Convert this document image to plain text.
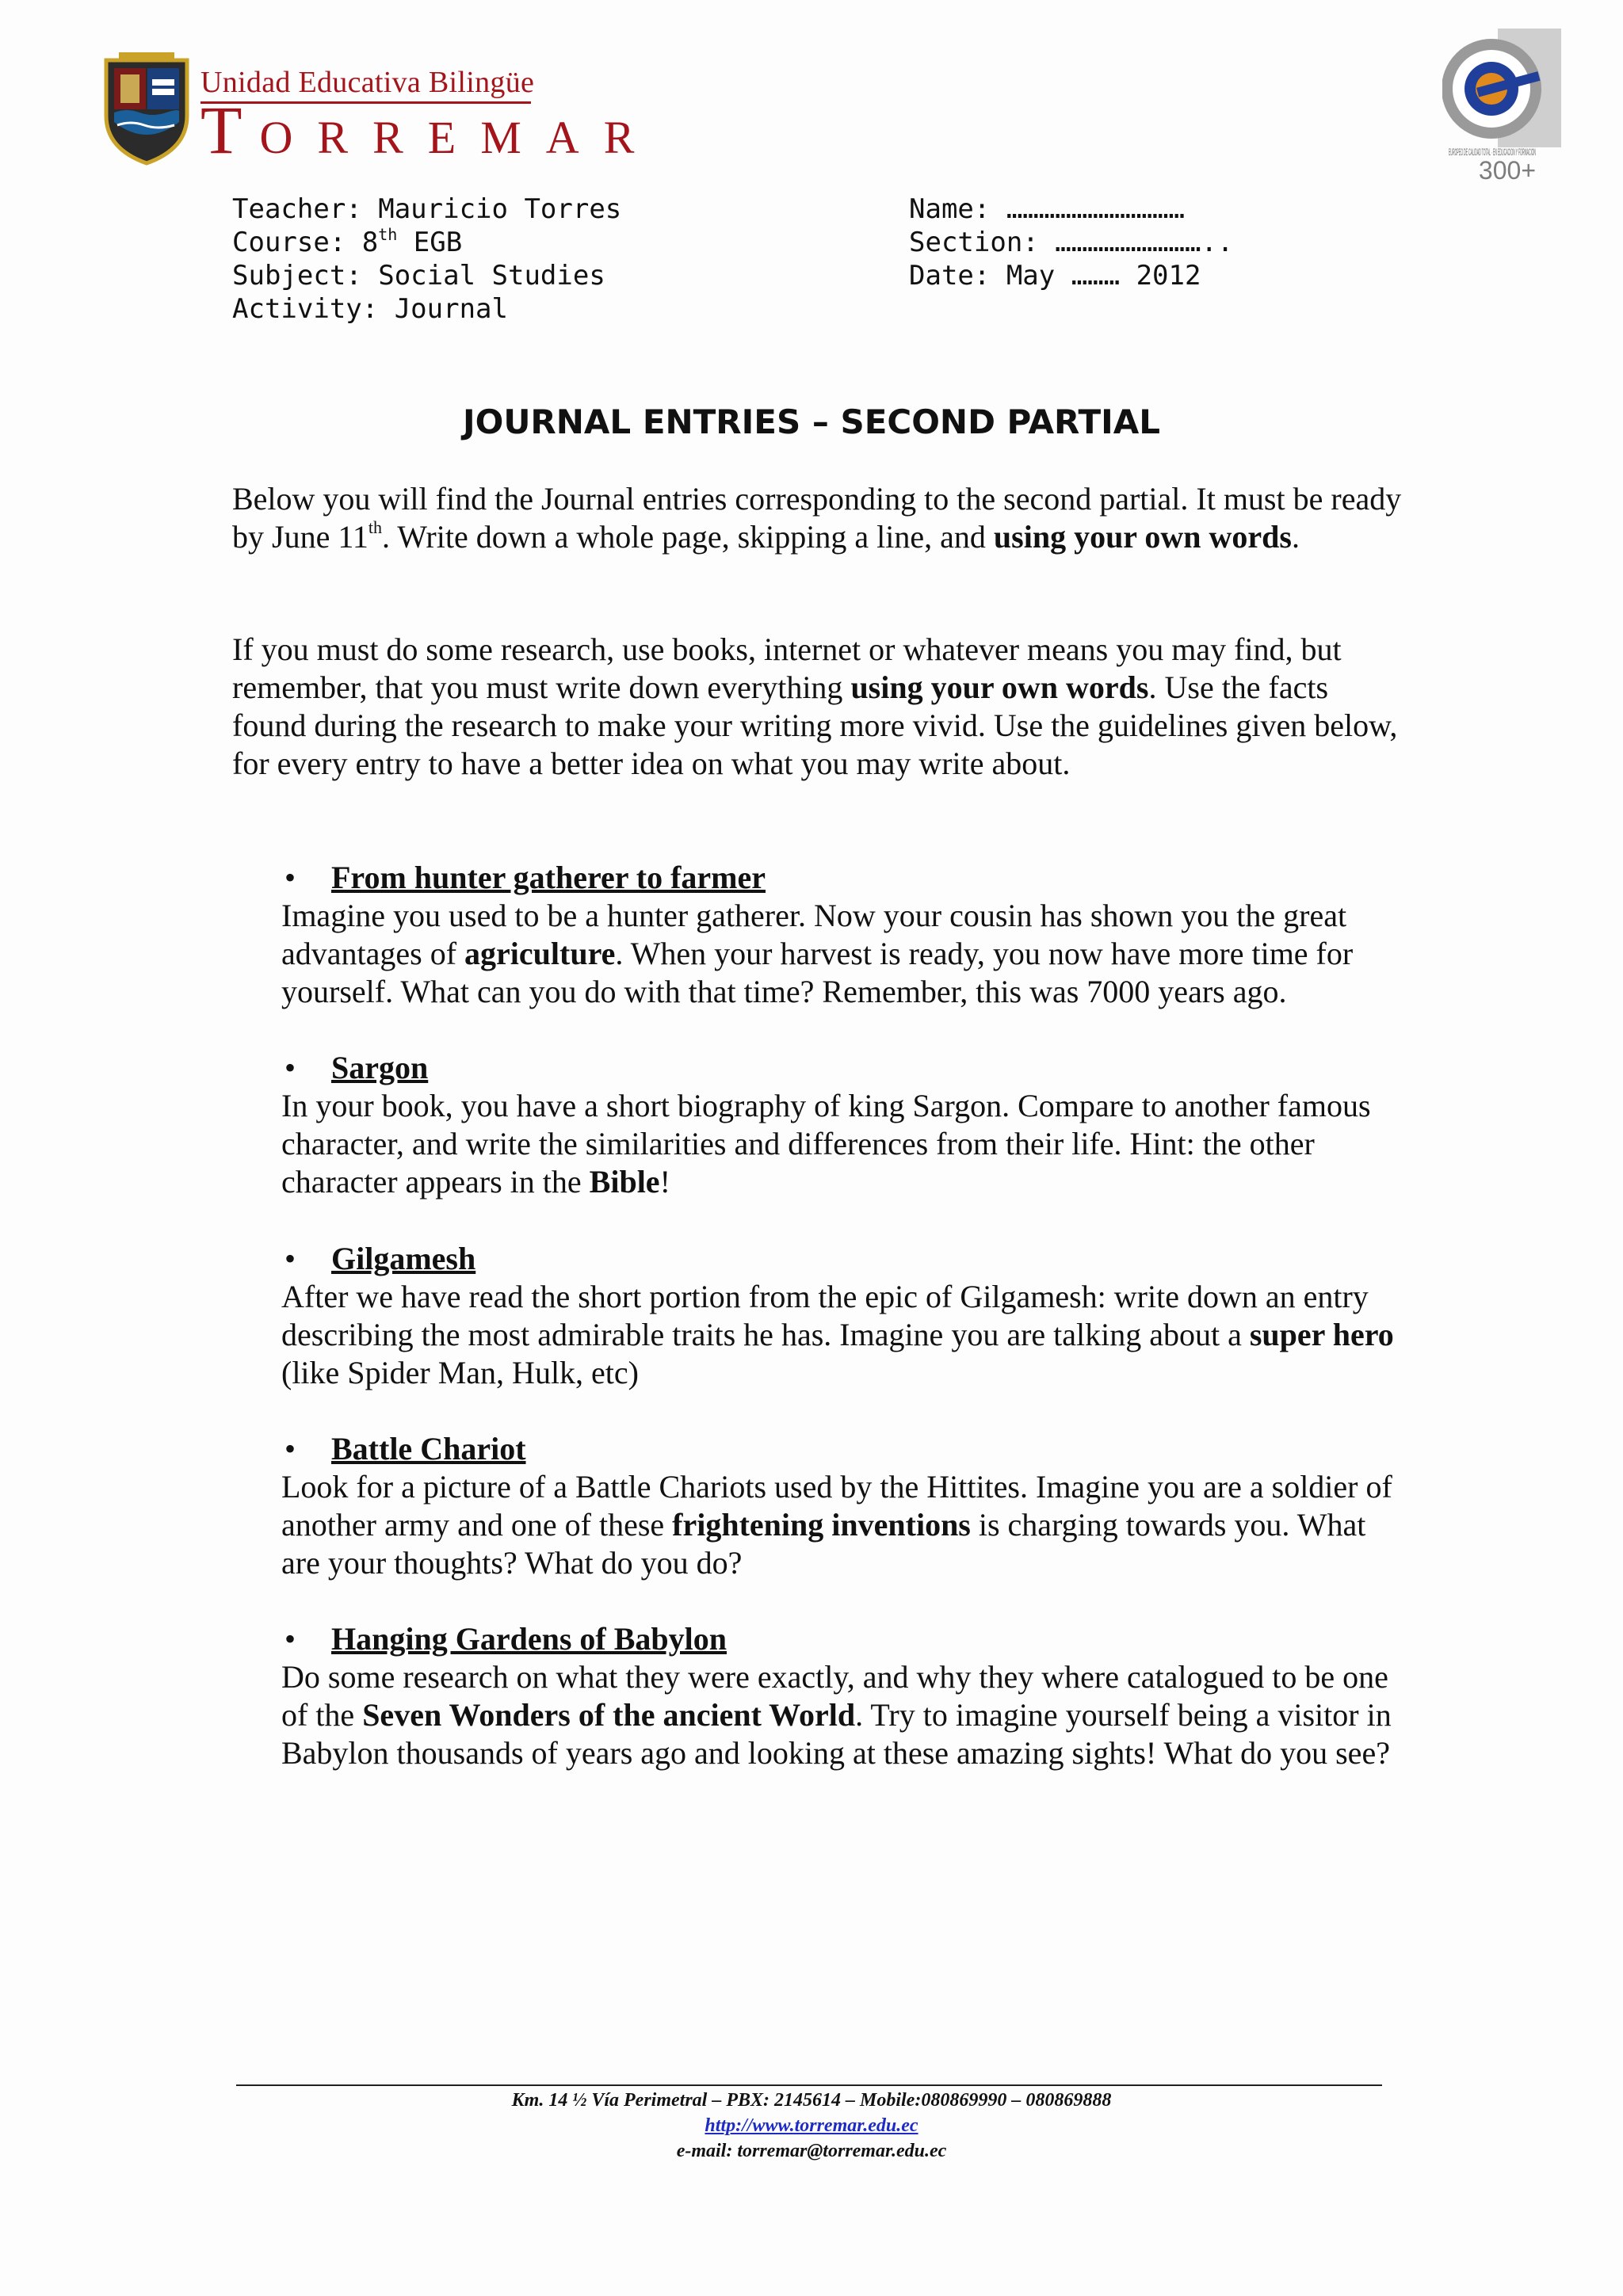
Unidad Educativa Bilingüe
TORREMAR	EUROPEO DE CALIDAD TOTAL · EN EDUCACION Y FORMACION
300+
Teacher: Mauricio Torres
Course: 8th EGB
Subject: Social Studies
Activity: Journal
Name: ……………………………
Section: ………………………..
Date: May ……… 2012
JOURNAL ENTRIES – SECOND PARTIAL
Below you will find the Journal entries corresponding to the second partial. It must be ready by June 11th. Write down a whole page, skipping a line, and using your own words.
If you must do some research, use books, internet or whatever means you may find, but remember, that you must write down everything using your own words. Use the facts found during the research to make your writing more vivid. Use the guidelines given below, for every entry to have a better idea on what you may write about.
• From hunter gatherer to farmer
Imagine you used to be a hunter gatherer. Now your cousin has shown you the great advantages of agriculture. When your harvest is ready, you now have more time for yourself. What can you do with that time? Remember, this was 7000 years ago.
• Sargon
In your book, you have a short biography of king Sargon. Compare to another famous character, and write the similarities and differences from their life. Hint: the other character appears in the Bible!
• Gilgamesh
After we have read the short portion from the epic of Gilgamesh: write down an entry describing the most admirable traits he has. Imagine you are talking about a super hero (like Spider Man, Hulk, etc)
• Battle Chariot
Look for a picture of a Battle Chariots used by the Hittites. Imagine you are a soldier of another army and one of these frightening inventions is charging towards you. What are your thoughts? What do you do?
• Hanging Gardens of Babylon
Do some research on what they were exactly, and why they where catalogued to be one of the Seven Wonders of the ancient World. Try to imagine yourself being a visitor in Babylon thousands of years ago and looking at these amazing sights! What do you see?
Km. 14 ½ Vía Perimetral – PBX: 2145614 – Mobile:080869990 – 080869888
http://www.torremar.edu.ec
e-mail: torremar@torremar.edu.ec
